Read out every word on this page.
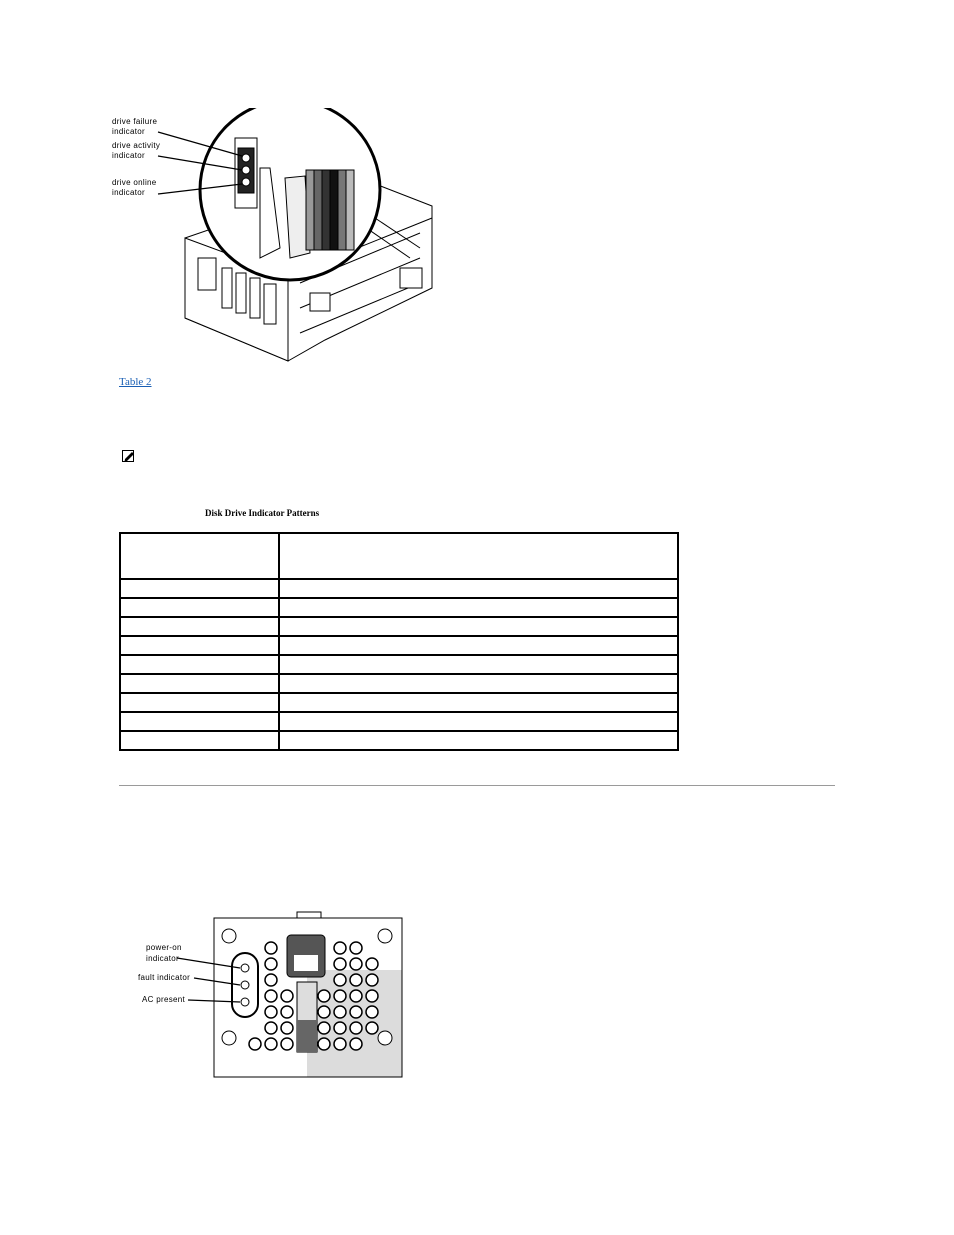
drive failure indicator
drive activity indicator
drive online indicator
Table 2
Disk Drive Indicator Patterns

power-on indicator
fault indicator
AC present
